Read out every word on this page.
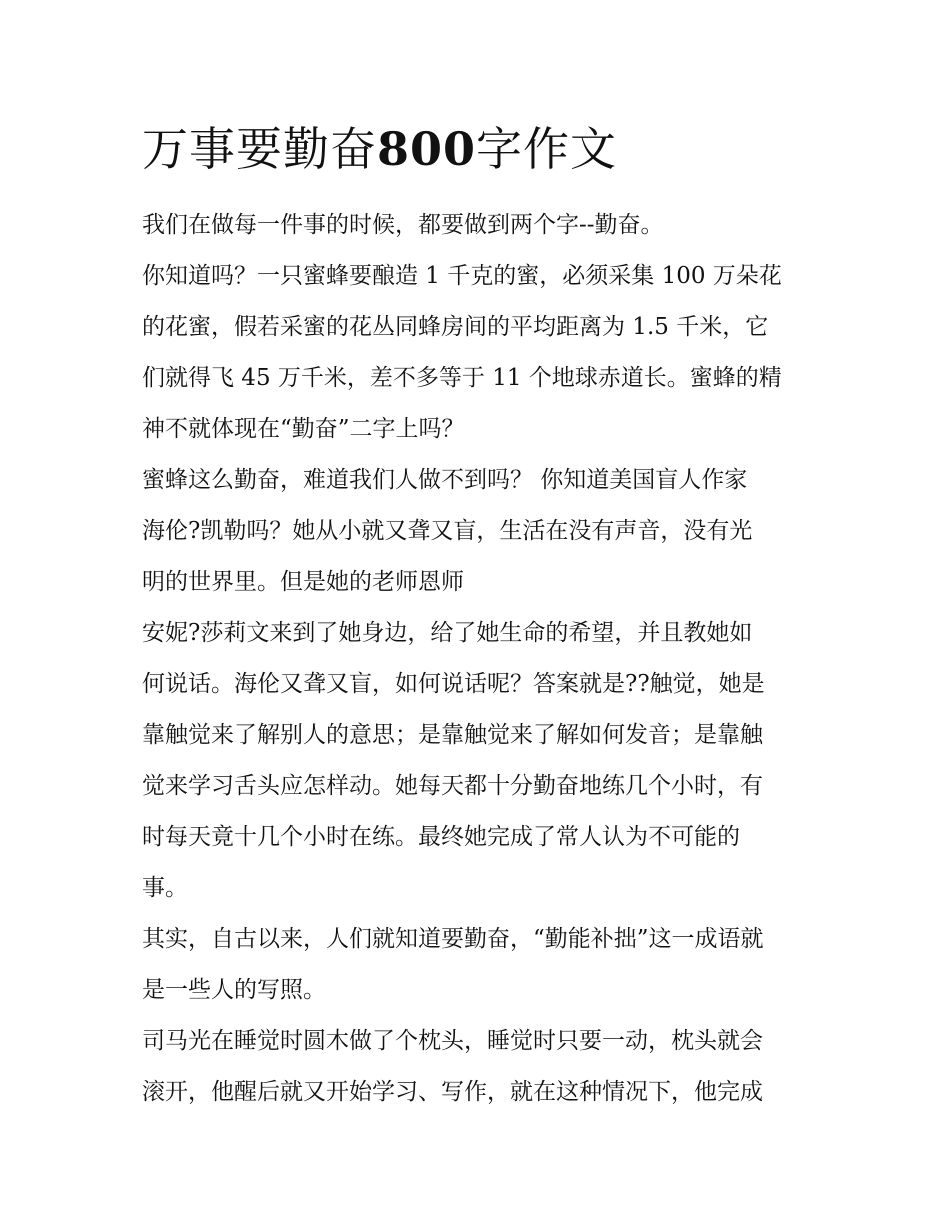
万事要勤奋800字作文
我们在做每一件事的时候，都要做到两个字--勤奋。
你知道吗？一只蜜蜂要酿造 1 千克的蜜，必须采集 100 万朵花
的花蜜，假若采蜜的花丛同蜂房间的平均距离为 1.5 千米，它
们就得飞 45 万千米，差不多等于 11 个地球赤道长。蜜蜂的精
神不就体现在“勤奋”二字上吗？
蜜蜂这么勤奋，难道我们人做不到吗？ 你知道美国盲人作家
海伦?凯勒吗？她从小就又聋又盲，生活在没有声音，没有光
明的世界里。但是她的老师恩师
安妮?莎莉文来到了她身边，给了她生命的希望，并且教她如
何说话。海伦又聋又盲，如何说话呢？答案就是??触觉，她是
靠触觉来了解别人的意思；是靠触觉来了解如何发音；是靠触
觉来学习舌头应怎样动。她每天都十分勤奋地练几个小时，有
时每天竟十几个小时在练。最终她完成了常人认为不可能的
事。
其实，自古以来，人们就知道要勤奋，“勤能补拙”这一成语就
是一些人的写照。
司马光在睡觉时圆木做了个枕头，睡觉时只要一动，枕头就会
滚开，他醒后就又开始学习、写作，就在这种情况下，他完成
